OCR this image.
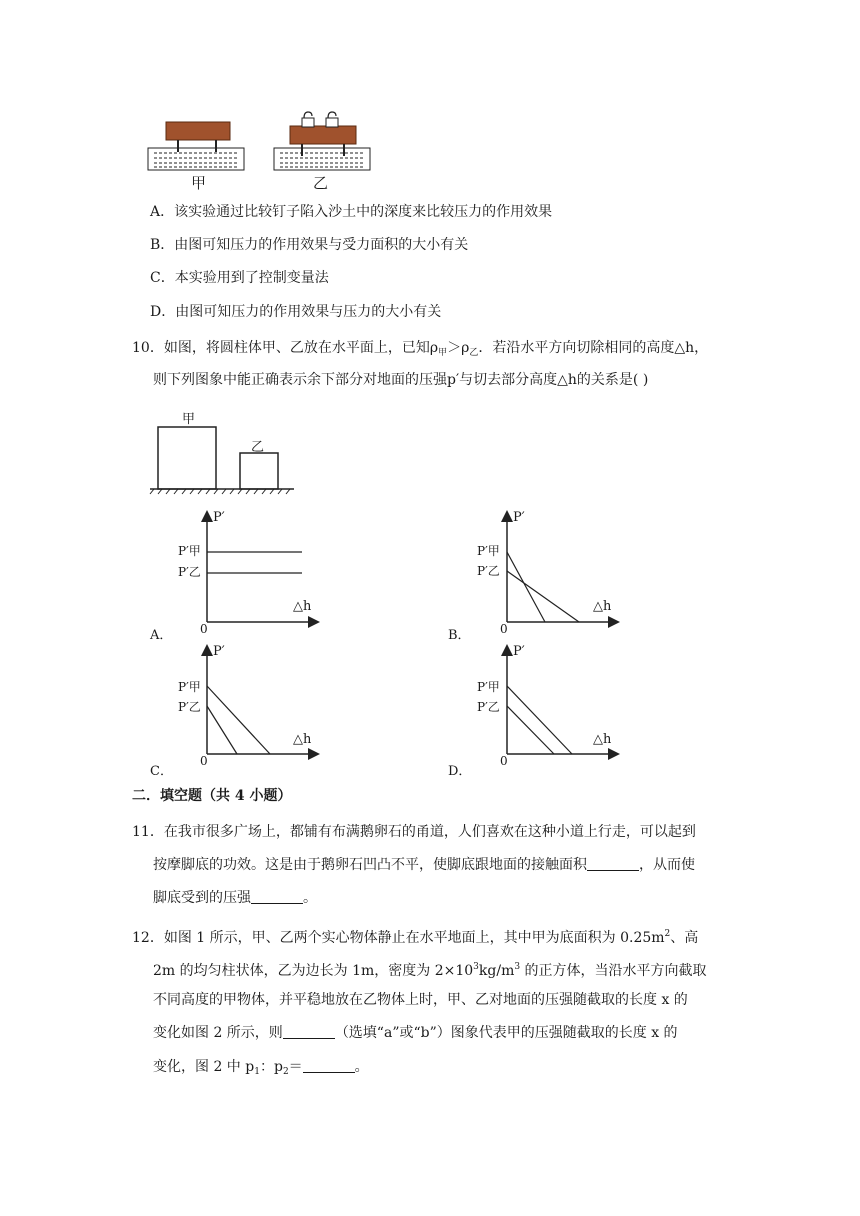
甲	乙
A．该实验通过比较钉子陷入沙土中的深度来比较压力的作用效果
B．由图可知压力的作用效果与受力面积的大小有关
C．本实验用到了控制变量法
D．由图可知压力的作用效果与压力的大小有关
10．如图，将圆柱体甲、乙放在水平面上，已知$\rho_甲>\rho_乙$．若沿水平方向切除相同的高度△h，
则下列图象中能正确表示余下部分对地面的压强p′与切去部分高度△h的关系是( )
甲
乙
P′
P′甲
P′乙
△h
0
A．
P′
P′甲
P′乙
△h
0
B．
P′
P′甲
P′乙
△h
0
C．
P′
P′甲
P′乙
△h
0
D．
二．填空题（共 4 小题）
11．在我市很多广场上，都铺有布满鹅卵石的甬道，人们喜欢在这种小道上行走，可以起到
按摩脚底的功效。这是由于鹅卵石凹凸不平，使脚底跟地面的接触面积	，从而使
脚底受到的压强	。
12．如图 1 所示，甲、乙两个实心物体静止在水平地面上，其中甲为底面积为 $0.25m^2$、高
2m 的均匀柱状体，乙为边长为 1m，密度为 $2\times 10^3kg/m^3$ 的正方体，当沿水平方向截取
不同高度的甲物体，并平稳地放在乙物体上时，甲、乙对地面的压强随截取的长度 x 的
变化如图 2 所示，则	（选填“a”或“b”）图象代表甲的压强随截取的长度 x 的
变化，图 2 中 $p_1$：$p_2=$	。
